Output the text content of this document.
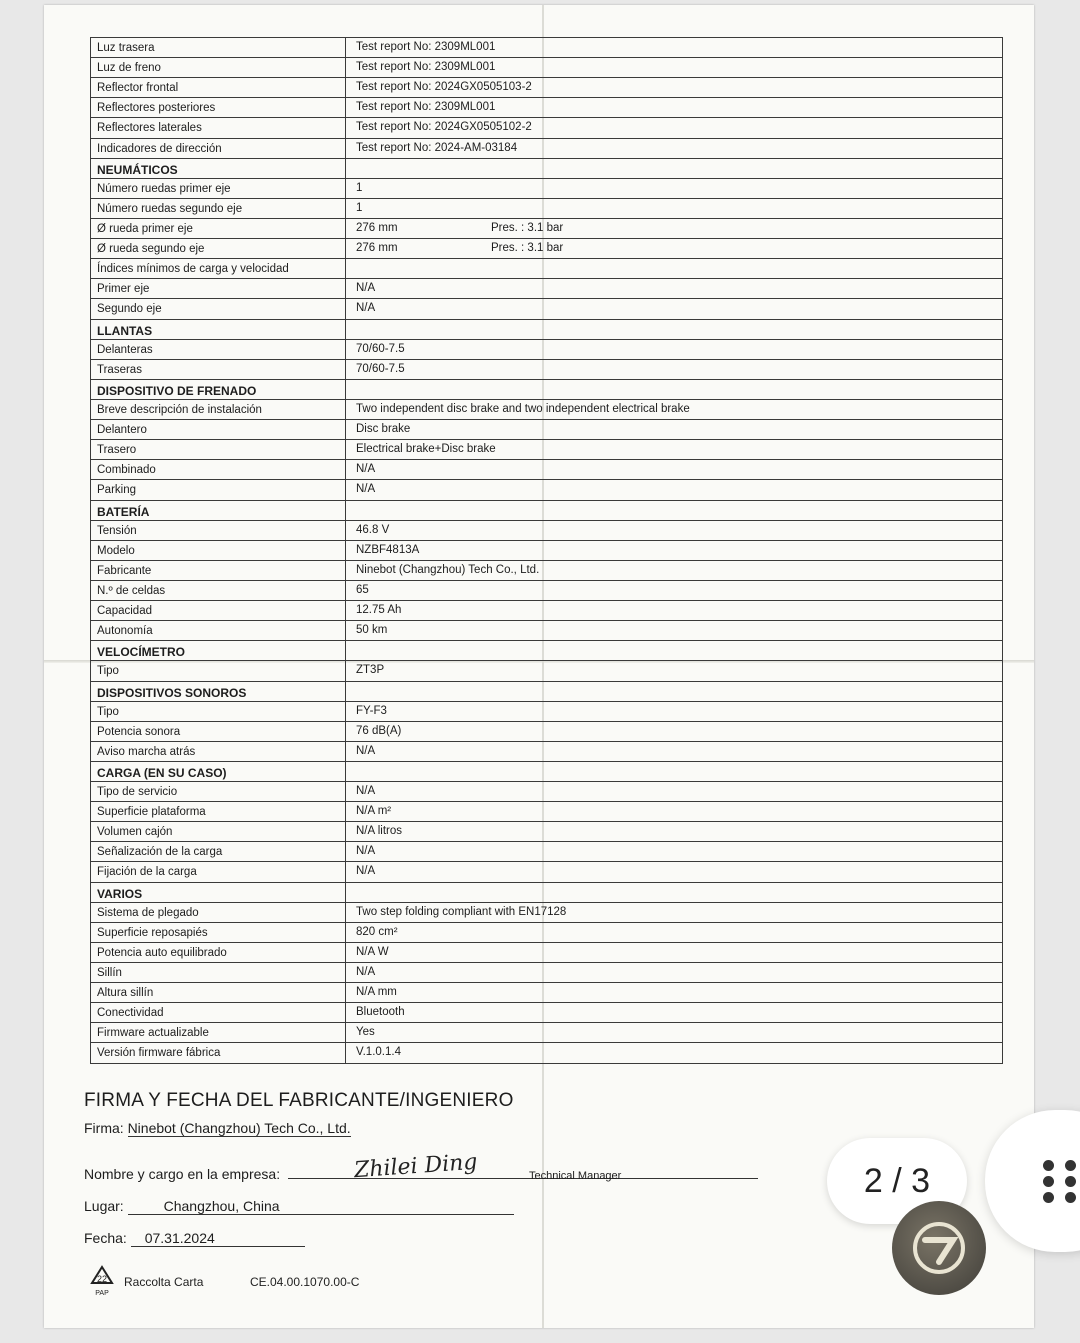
Luz trasera	Test report No: 2309ML001
Luz de freno	Test report No: 2309ML001
Reflector frontal	Test report No: 2024GX0505103-2
Reflectores posteriores	Test report No: 2309ML001
Reflectores laterales	Test report No: 2024GX0505102-2
Indicadores de dirección	Test report No: 2024-AM-03184
NEUMÁTICOS
Número ruedas primer eje	1
Número ruedas segundo eje	1
Ø rueda primer eje	276 mm	Pres. : 3.1 bar
Ø rueda segundo eje	276 mm	Pres. : 3.1 bar
Índices mínimos de carga y velocidad
Primer eje	N/A
Segundo eje	N/A
LLANTAS
Delanteras	70/60-7.5
Traseras	70/60-7.5
DISPOSITIVO DE FRENADO
Breve descripción de instalación	Two independent disc brake and two independent electrical brake
Delantero	Disc brake
Trasero	Electrical brake+Disc brake
Combinado	N/A
Parking	N/A
BATERÍA
Tensión	46.8 V
Modelo	NZBF4813A
Fabricante	Ninebot (Changzhou) Tech Co., Ltd.
N.º de celdas	65
Capacidad	12.75 Ah
Autonomía	50 km
VELOCÍMETRO
Tipo	ZT3P
DISPOSITIVOS SONOROS
Tipo	FY-F3
Potencia sonora	76 dB(A)
Aviso marcha atrás	N/A
CARGA (EN SU CASO)
Tipo de servicio	N/A
Superficie plataforma	N/A m²
Volumen cajón	N/A litros
Señalización de la carga	N/A
Fijación de la carga	N/A
VARIOS
Sistema de plegado	Two step folding compliant with EN17128
Superficie reposapiés	820 cm²
Potencia auto equilibrado	N/A W
Sillín	N/A
Altura sillín	N/A mm
Conectividad	Bluetooth
Firmware actualizable	Yes
Versión firmware fábrica	V.1.0.1.4
FIRMA Y FECHA DEL FABRICANTE/INGENIERO
Firma: Ninebot (Changzhou) Tech Co., Ltd.
Nombre y cargo en la empresa:	Zhilei Ding	Technical Manager
Lugar:	Changzhou, China
Fecha: 07.31.2024
22
PAP
Raccolta Carta	CE.04.00.1070.00-C
2 / 3
